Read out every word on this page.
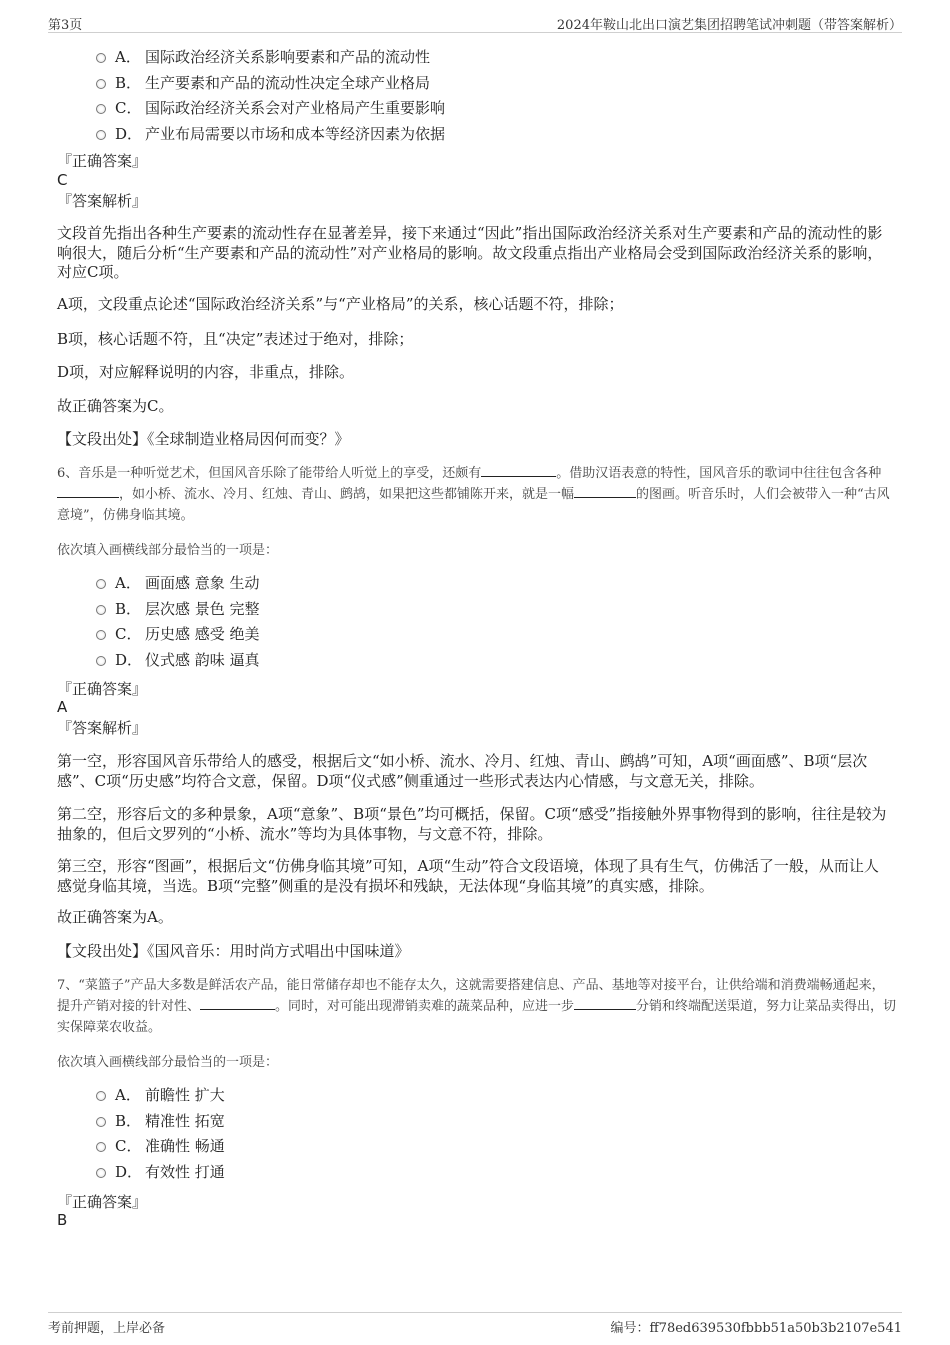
第3页	2024年鞍山北出口演艺集团招聘笔试冲刺题（带答案解析）
A． 国际政治经济关系影响要素和产品的流动性
B． 生产要素和产品的流动性决定全球产业格局
C． 国际政治经济关系会对产业格局产生重要影响
D． 产业布局需要以市场和成本等经济因素为依据
『正确答案』
C
『答案解析』
文段首先指出各种生产要素的流动性存在显著差异，接下来通过“因此”指出国际政治经济关系对生产要素和产品的流动性的影响很大，随后分析“生产要素和产品的流动性”对产业格局的影响。故文段重点指出产业格局会受到国际政治经济关系的影响，对应C项。
A项，文段重点论述“国际政治经济关系”与“产业格局”的关系，核心话题不符，排除；
B项，核心话题不符，且“决定”表述过于绝对，排除；
D项，对应解释说明的内容，非重点，排除。
故正确答案为C。
【文段出处】《全球制造业格局因何而变？》
6、音乐是一种听觉艺术，但国风音乐除了能带给人听觉上的享受，还颇有	。借助汉语表意的特性，国风音乐的歌词中往往包含各种，如小桥、流水、冷月、红烛、青山、鹧鸪，如果把这些都铺陈开来，就是一幅	的图画。听音乐时，人们会被带入一种“古风意境”，仿佛身临其境。
依次填入画横线部分最恰当的一项是：
A． 画面感 意象 生动
B． 层次感 景色 完整
C． 历史感 感受 绝美
D． 仪式感 韵味 逼真
『正确答案』
A
『答案解析』
第一空，形容国风音乐带给人的感受，根据后文“如小桥、流水、冷月、红烛、青山、鹧鸪”可知，A项“画面感”、B项“层次感”、C项“历史感”均符合文意，保留。D项“仪式感”侧重通过一些形式表达内心情感，与文意无关，排除。
第二空，形容后文的多种景象，A项“意象”、B项“景色”均可概括，保留。C项“感受”指接触外界事物得到的影响，往往是较为抽象的，但后文罗列的“小桥、流水”等均为具体事物，与文意不符，排除。
第三空，形容“图画”，根据后文“仿佛身临其境”可知，A项“生动”符合文段语境，体现了具有生气，仿佛活了一般，从而让人感觉身临其境，当选。B项“完整”侧重的是没有损坏和残缺，无法体现“身临其境”的真实感，排除。
故正确答案为A。
【文段出处】《国风音乐：用时尚方式唱出中国味道》
7、“菜篮子”产品大多数是鲜活农产品，能日常储存却也不能存太久，这就需要搭建信息、产品、基地等对接平台，让供给端和消费端畅通起来，提升产销对接的针对性、	。同时，对可能出现滞销卖难的蔬菜品种，应进一步	分销和终端配送渠道，努力让菜品卖得出，切实保障菜农收益。
依次填入画横线部分最恰当的一项是：
A． 前瞻性 扩大
B． 精准性 拓宽
C． 准确性 畅通
D． 有效性 打通
『正确答案』
B
考前押题，上岸必备	编号：ff78ed639530fbbb51a50b3b2107e541
